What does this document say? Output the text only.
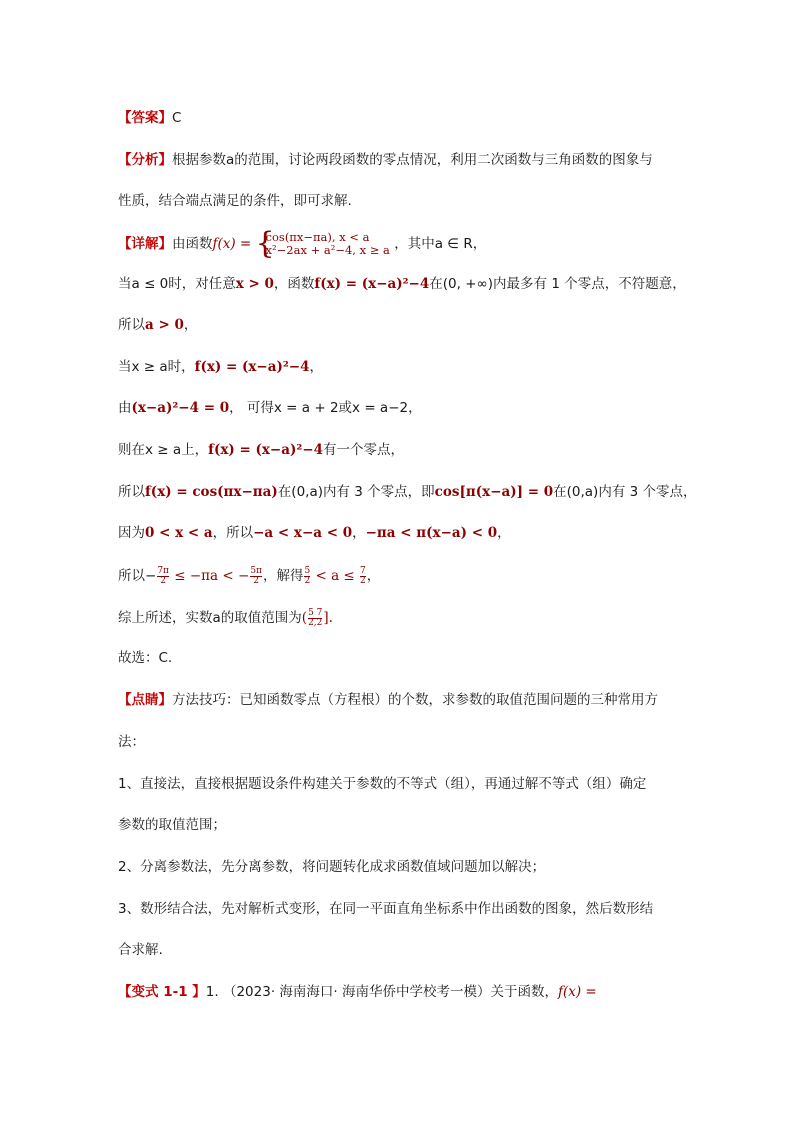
【答案】C
【分析】根据参数a的范围，讨论两段函数的零点情况，利用二次函数与三角函数的图象与
性质，结合端点满足的条件，即可求解.
【详解】由函数f(x) = {
cos(πx−πa), x < a
x²−2ax + a²−4, x ≥ a ，其中a ∈ R，
当a ≤ 0时，对任意x > 0，函数f(x) = (x−a)²−4在(0, +∞)内最多有 1 个零点，不符题意，
所以a > 0，
当x ≥ a时，f(x) = (x−a)²−4，
由(x−a)²−4 = 0， 可得x = a + 2或x = a−2，
则在x ≥ a上，f(x) = (x−a)²−4有一个零点，
所以f(x) = cos(πx−πa)在(0,a)内有 3 个零点，即cos[π(x−a)] = 0在(0,a)内有 3 个零点，
因为0 < x < a，所以−a < x−a < 0，−πa < π(x−a) < 0，
所以− $\frac{7\pi}{2} \le -\pi a$ < − $\frac{5\pi}{2}$ ，解得 $\frac{5}{2} < a \le \frac{7}{2}$ ，
综上所述，实数a的取值范围为( $\frac{5 7}{2,2}$ ].
故选：C.
【点睛】方法技巧：已知函数零点（方程根）的个数，求参数的取值范围问题的三种常用方
法：
1、直接法，直接根据题设条件构建关于参数的不等式（组），再通过解不等式（组）确定
参数的取值范围；
2、分离参数法，先分离参数，将问题转化成求函数值域问题加以解决；
3、数形结合法，先对解析式变形，在同一平面直角坐标系中作出函数的图象，然后数形结
合求解.
【变式 1-1 】1. （2023· 海南海口· 海南华侨中学校考一模）关于函数，f(x) =
